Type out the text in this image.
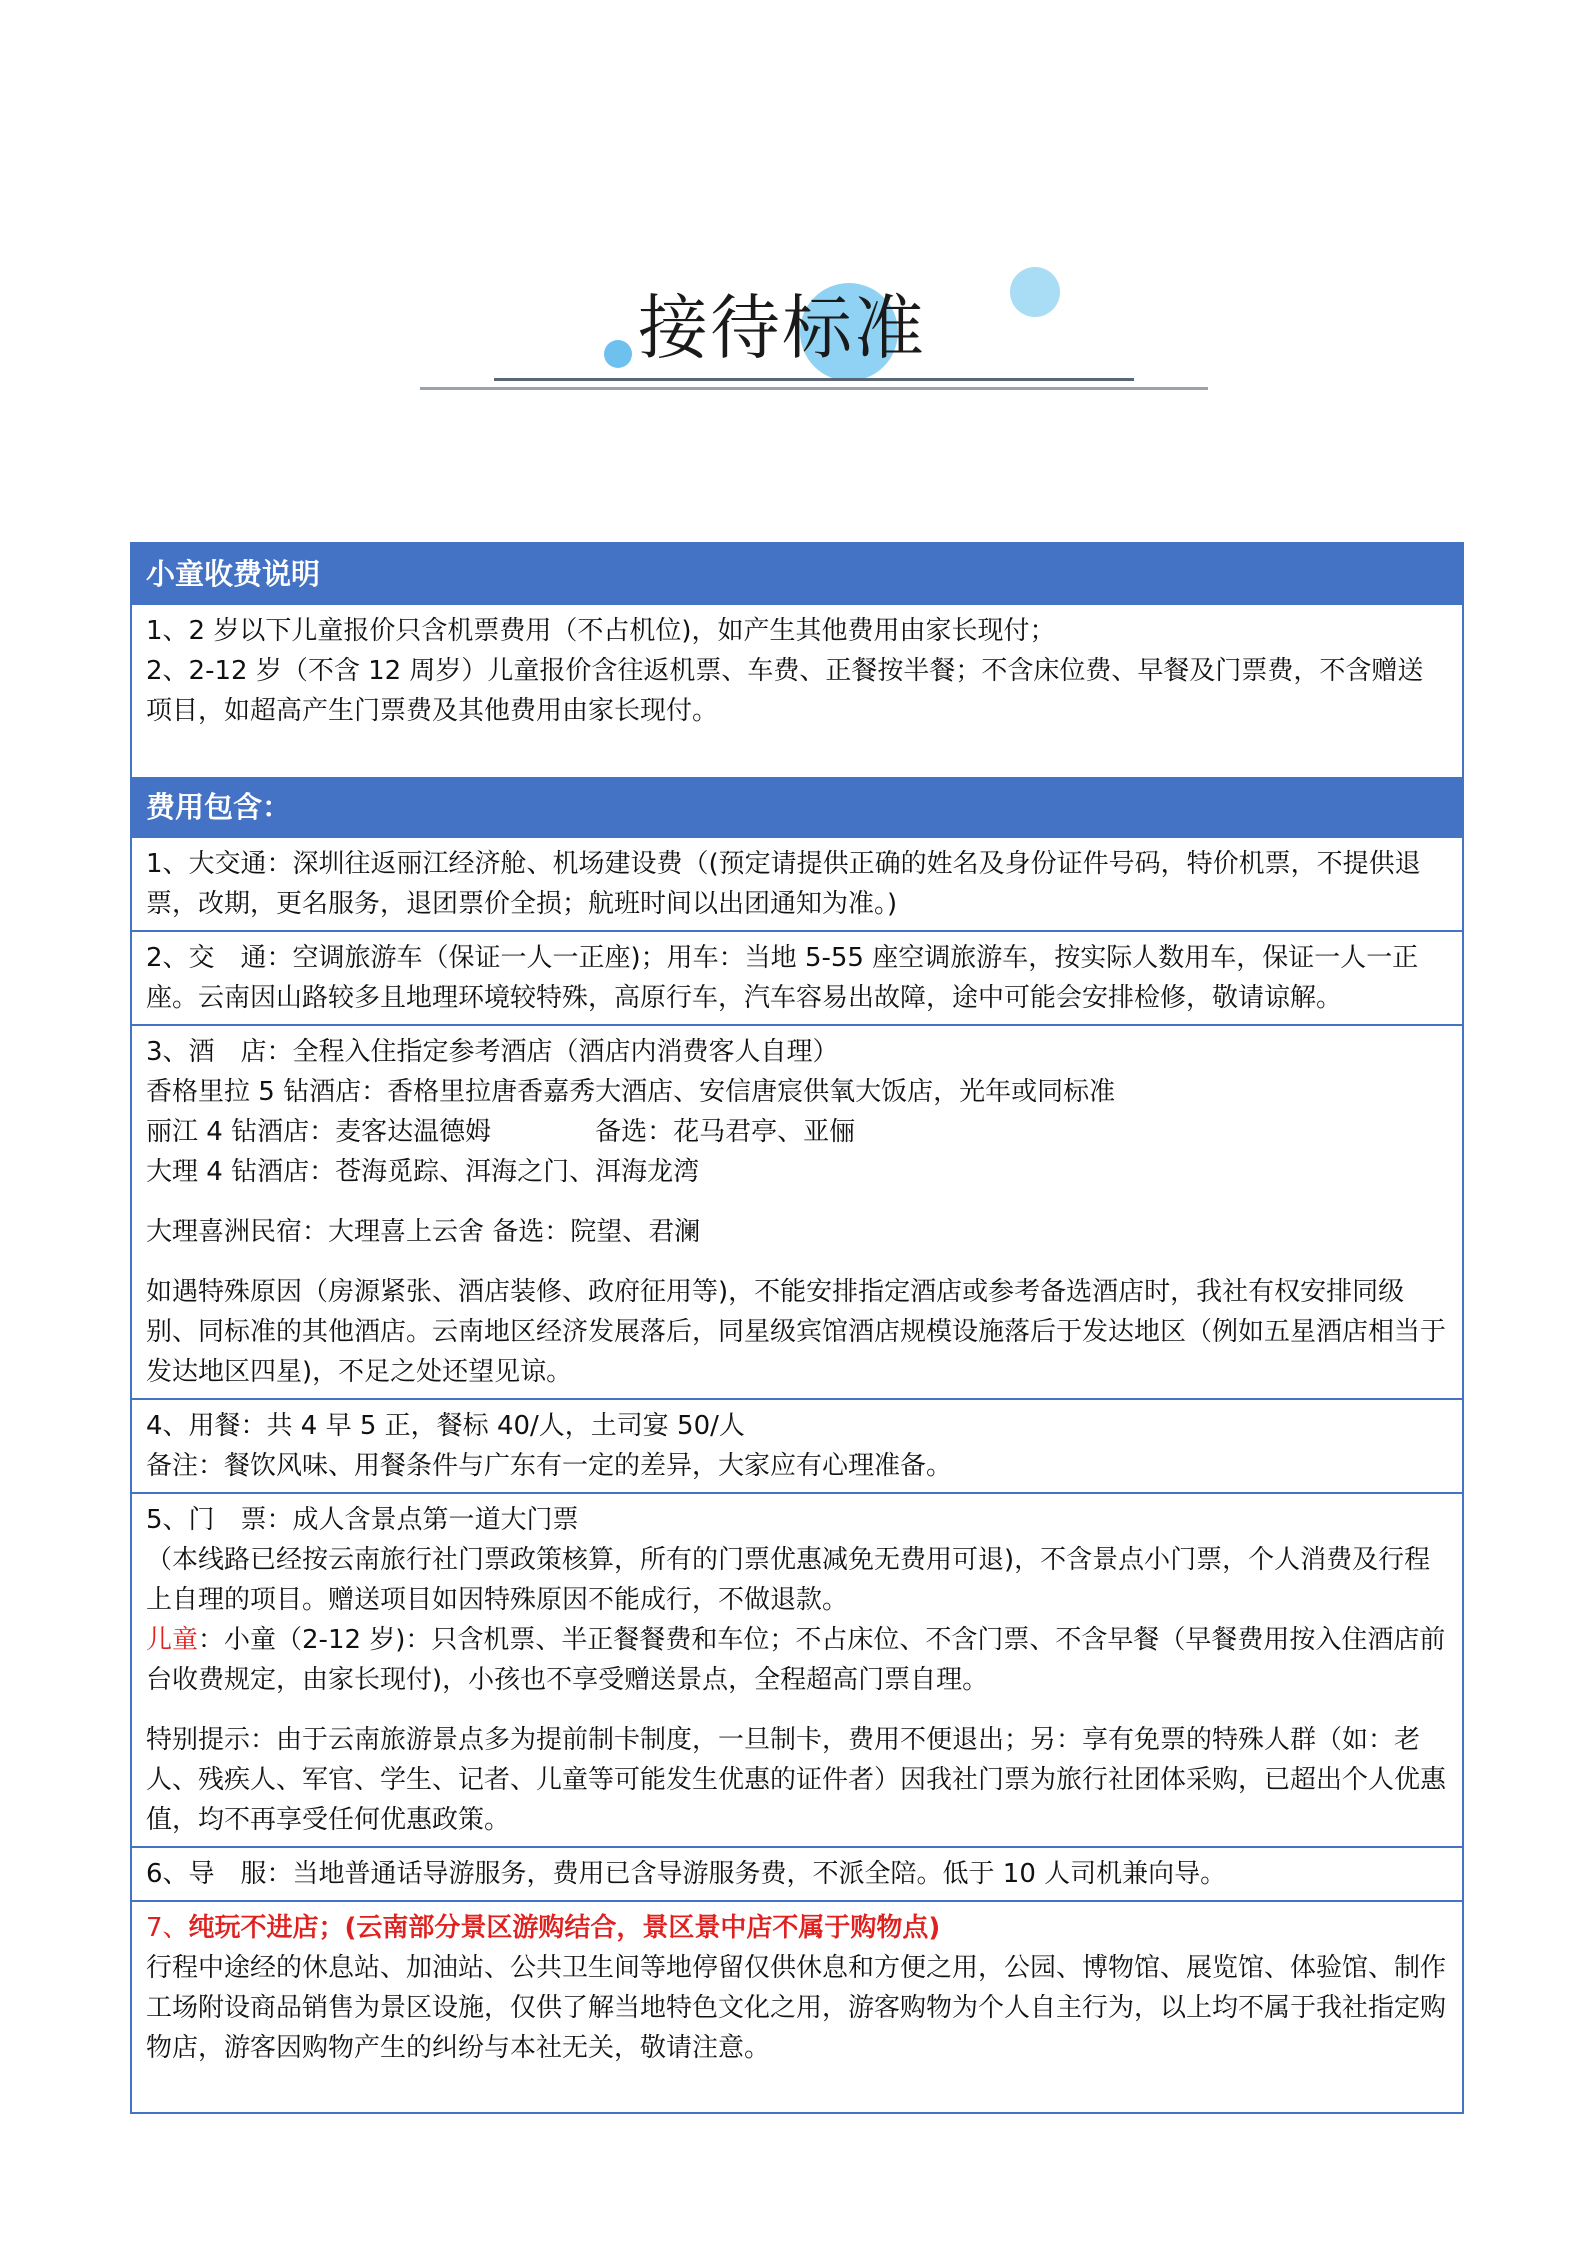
接待标准
小童收费说明

1、2 岁以下儿童报价只含机票费用（不占机位)，如产生其他费用由家长现付；

2、2-12 岁（不含 12 周岁）儿童报价含往返机票、车费、正餐按半餐；不含床位费、早餐及门票费，不含赠送项目，如超高产生门票费及其他费用由家长现付。

费用包含：

1、大交通：深圳往返丽江经济舱、机场建设费（(预定请提供正确的姓名及身份证件号码，特价机票，不提供退票，改期，更名服务，退团票价全损；航班时间以出团通知为准。)

2、交　通：空调旅游车（保证一人一正座)；用车：当地 5-55 座空调旅游车，按实际人数用车，保证一人一正座。云南因山路较多且地理环境较特殊，高原行车，汽车容易出故障，途中可能会安排检修，敬请谅解。

3、酒　店：全程入住指定参考酒店（酒店内消费客人自理）

香格里拉 5 钻酒店：香格里拉唐香嘉秀大酒店、安信唐宸供氧大饭店，光年或同标准

丽江 4 钻酒店：麦客达温德姆	备选：花马君亭、亚俪

大理 4 钻酒店：苍海觅踪、洱海之门、洱海龙湾

大理喜洲民宿：大理喜上云舍 备选：院望、君澜

如遇特殊原因（房源紧张、酒店装修、政府征用等)，不能安排指定酒店或参考备选酒店时，我社有权安排同级别、同标准的其他酒店。云南地区经济发展落后，同星级宾馆酒店规模设施落后于发达地区（例如五星酒店相当于发达地区四星)，不足之处还望见谅。

4、用餐：共 4 早 5 正，餐标 40/人，土司宴 50/人

备注：餐饮风味、用餐条件与广东有一定的差异，大家应有心理准备。

5、门　票：成人含景点第一道大门票

（本线路已经按云南旅行社门票政策核算，所有的门票优惠减免无费用可退)，不含景点小门票，个人消费及行程上自理的项目。赠送项目如因特殊原因不能成行，不做退款。

儿童：小童（2-12 岁)：只含机票、半正餐餐费和车位；不占床位、不含门票、不含早餐（早餐费用按入住酒店前台收费规定，由家长现付)，小孩也不享受赠送景点，全程超高门票自理。

特别提示：由于云南旅游景点多为提前制卡制度，一旦制卡，费用不便退出；另：享有免票的特殊人群（如：老人、残疾人、军官、学生、记者、儿童等可能发生优惠的证件者）因我社门票为旅行社团体采购，已超出个人优惠值，均不再享受任何优惠政策。

6、导　服：当地普通话导游服务，费用已含导游服务费，不派全陪。低于 10 人司机兼向导。

7、纯玩不进店；(云南部分景区游购结合，景区景中店不属于购物点)

行程中途经的休息站、加油站、公共卫生间等地停留仅供休息和方便之用，公园、博物馆、展览馆、体验馆、制作工场附设商品销售为景区设施，仅供了解当地特色文化之用，游客购物为个人自主行为，以上均不属于我社指定购物店，游客因购物产生的纠纷与本社无关，敬请注意。
